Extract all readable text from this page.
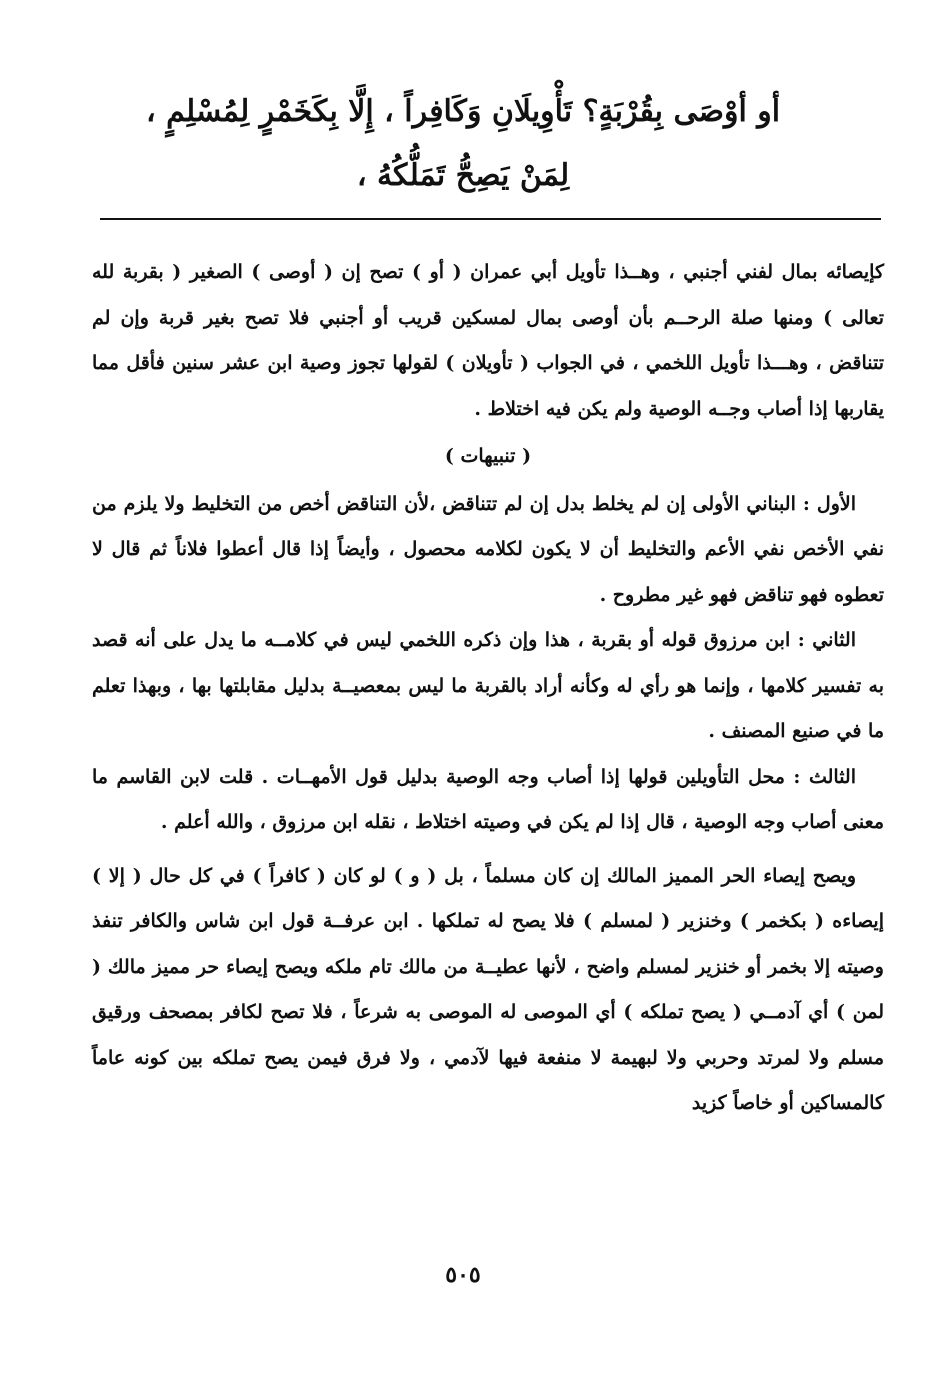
أو أوْصَى بِقُرْبَةٍ؟ تَأْوِيلَانِ وَكَافِراً ، إِلَّا بِكَخَمْرٍ لِمُسْلِمٍ ،
لِمَنْ يَصِحُّ تَمَلُّكُهُ ،

كإيصائه بمال لفني أجنبي ، وهــذا تأويل أبي عمران ( أو ) تصح إن ( أوصى ) الصغير ( بقربة لله تعالى ) ومنها صلة الرحــم بأن أوصى بمال لمسكين قريب أو أجنبي فلا تصح بغير قربة وإن لم تتناقض ، وهـــذا تأويل اللخمي ، في الجواب ( تأويلان ) لقولها تجوز وصية ابن عشر سنين فأقل مما يقاربها إذا أصاب وجــه الوصية ولم يكن فيه اختلاط .

( تنبيهات )

الأول : البناني الأولى إن لم يخلط بدل إن لم تتناقض ،لأن التناقض أخص من التخليط ولا يلزم من نفي الأخص نفي الأعم والتخليط أن لا يكون لكلامه محصول ، وأيضاً إذا قال أعطوا فلاناً ثم قال لا تعطوه فهو تناقض فهو غير مطروح .

الثاني : ابن مرزوق قوله أو بقربة ، هذا وإن ذكره اللخمي ليس في كلامــه ما يدل على أنه قصد به تفسير كلامها ، وإنما هو رأي له وكأنه أراد بالقربة ما ليس بمعصيــة بدليل مقابلتها بها ، وبهذا تعلم ما في صنيع المصنف .

الثالث : محل التأويلين قولها إذا أصاب وجه الوصية بدليل قول الأمهــات . قلت لابن القاسم ما معنى أصاب وجه الوصية ، قال إذا لم يكن في وصيته اختلاط ، نقله ابن مرزوق ، والله أعلم .

ويصح إيصاء الحر المميز المالك إن كان مسلماً ، بل ( و ) لو كان ( كافراً ) في كل حال ( إلا ) إيصاءه ( بكخمر ) وخنزير ( لمسلم ) فلا يصح له تملكها . ابن عرفــة قول ابن شاس والكافر تنفذ وصيته إلا بخمر أو خنزير لمسلم واضح ، لأنها عطيــة من مالك تام ملكه ويصح إيصاء حر مميز مالك ( لمن ) أي آدمــي ( يصح تملكه ) أي الموصى له الموصى به شرعاً ، فلا تصح لكافر بمصحف ورقيق مسلم ولا لمرتد وحربي ولا لبهيمة لا منفعة فيها لآدمي ، ولا فرق فيمن يصح تملكه بين كونه عاماً كالمساكين أو خاصاً كزيد

٥٠٥
